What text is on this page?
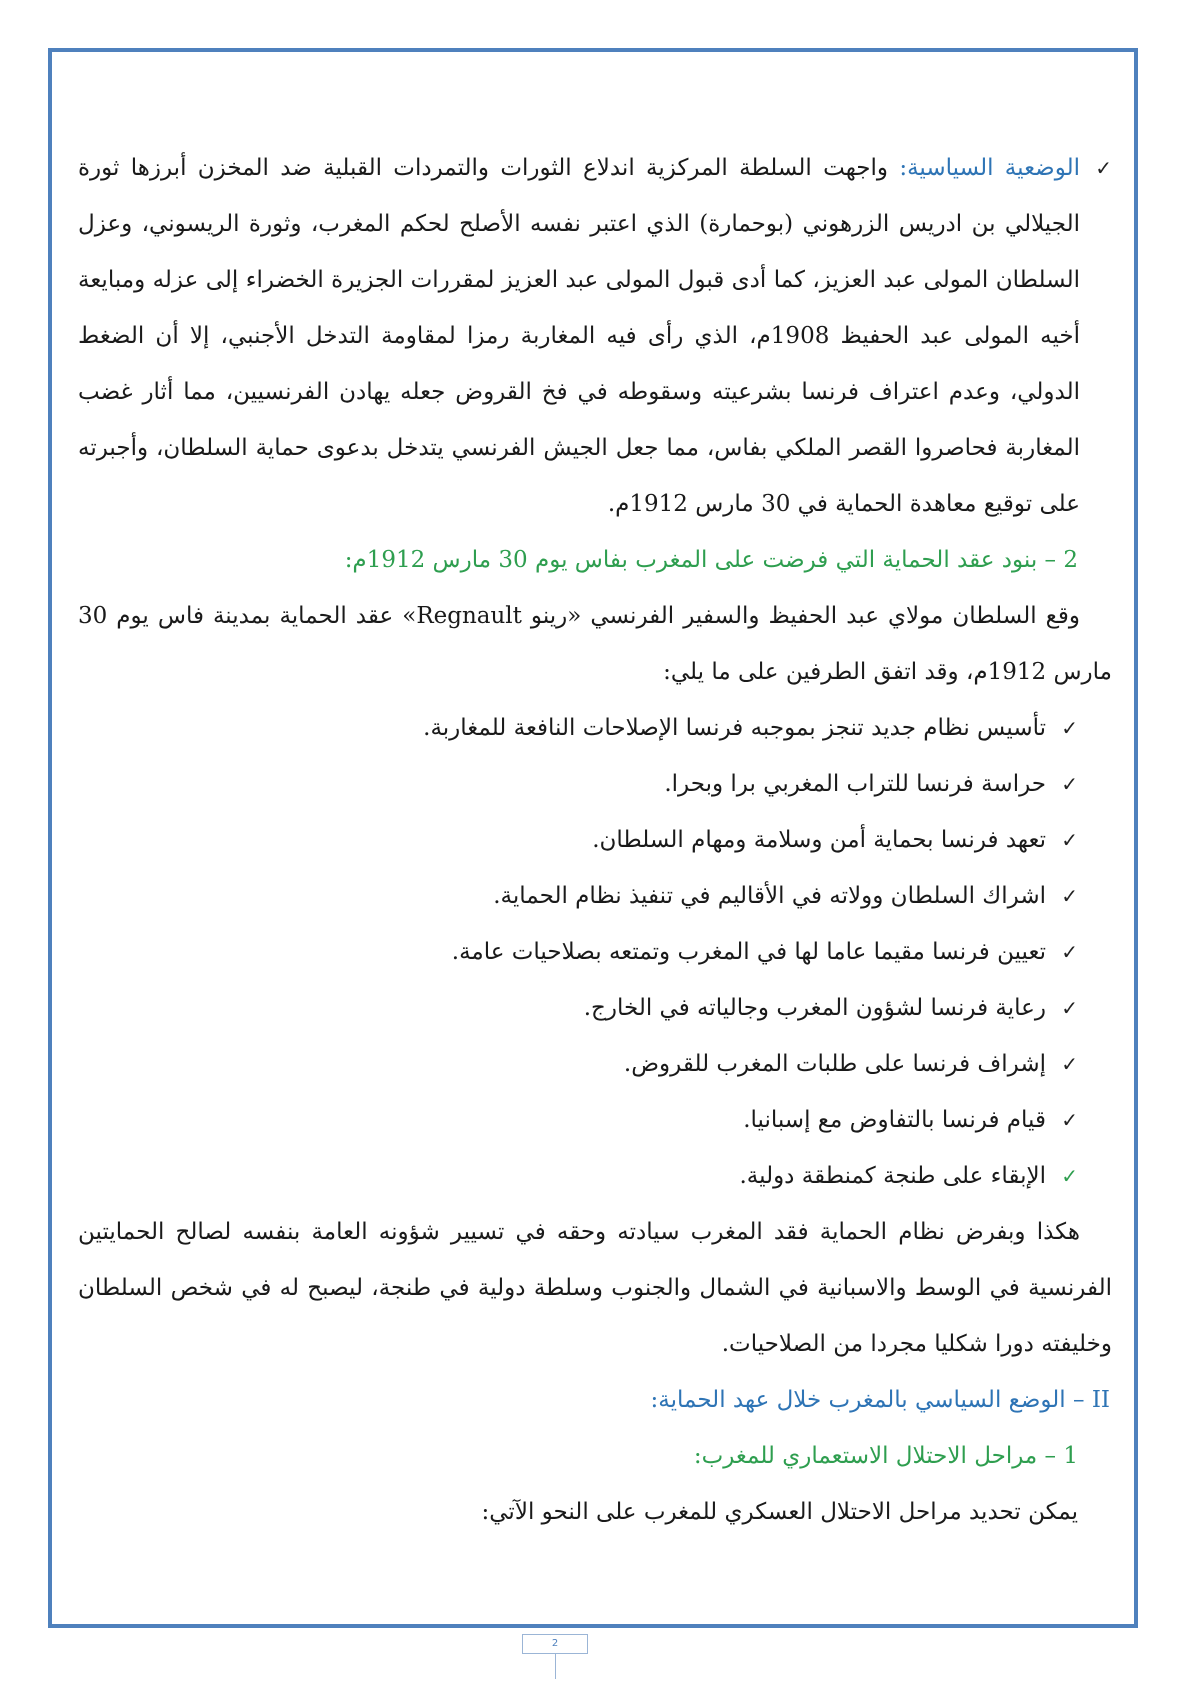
✓

الوضعية السياسية: واجهت السلطة المركزية اندلاع الثورات والتمردات القبلية ضد المخزن أبرزها ثورة الجيلالي بن ادريس الزرهوني (بوحمارة) الذي اعتبر نفسه الأصلح لحكم المغرب، وثورة الريسوني، وعزل السلطان المولى عبد العزيز، كما أدى قبول المولى عبد العزيز لمقررات الجزيرة الخضراء إلى عزله ومبايعة أخيه المولى عبد الحفيظ 1908م، الذي رأى فيه المغاربة رمزا لمقاومة التدخل الأجنبي، إلا أن الضغط الدولي، وعدم اعتراف فرنسا بشرعيته وسقوطه في فخ القروض جعله يهادن الفرنسيين، مما أثار غضب المغاربة فحاصروا القصر الملكي بفاس، مما جعل الجيش الفرنسي يتدخل بدعوى حماية السلطان، وأجبرته على توقيع معاهدة الحماية في 30 مارس 1912م.

2 – بنود عقد الحماية التي فرضت على المغرب بفاس يوم 30 مارس 1912م:

وقع السلطان مولاي عبد الحفيظ والسفير الفرنسي «رينو Regnault» عقد الحماية بمدينة فاس يوم 30 مارس 1912م، وقد اتفق الطرفين على ما يلي:

✓
تأسيس نظام جديد تنجز بموجبه فرنسا الإصلاحات النافعة للمغاربة.
✓
حراسة فرنسا للتراب المغربي برا وبحرا.
✓
تعهد فرنسا بحماية أمن وسلامة ومهام السلطان.
✓
اشراك السلطان وولاته في الأقاليم في تنفيذ نظام الحماية.
✓
تعيين فرنسا مقيما عاما لها في المغرب وتمتعه بصلاحيات عامة.
✓
رعاية فرنسا لشؤون المغرب وجالياته في الخارج.
✓
إشراف فرنسا على طلبات المغرب للقروض.
✓
قيام فرنسا بالتفاوض مع إسبانيا.
✓
الإبقاء على طنجة كمنطقة دولية.

هكذا وبفرض نظام الحماية فقد المغرب سيادته وحقه في تسيير شؤونه العامة بنفسه لصالح الحمايتين الفرنسية في الوسط والاسبانية في الشمال والجنوب وسلطة دولية في طنجة، ليصبح له في شخص السلطان وخليفته دورا شكليا مجردا من الصلاحيات.

II – الوضع السياسي بالمغرب خلال عهد الحماية:
1 – مراحل الاحتلال الاستعماري للمغرب:
يمكن تحديد مراحل الاحتلال العسكري للمغرب على النحو الآتي:
2
